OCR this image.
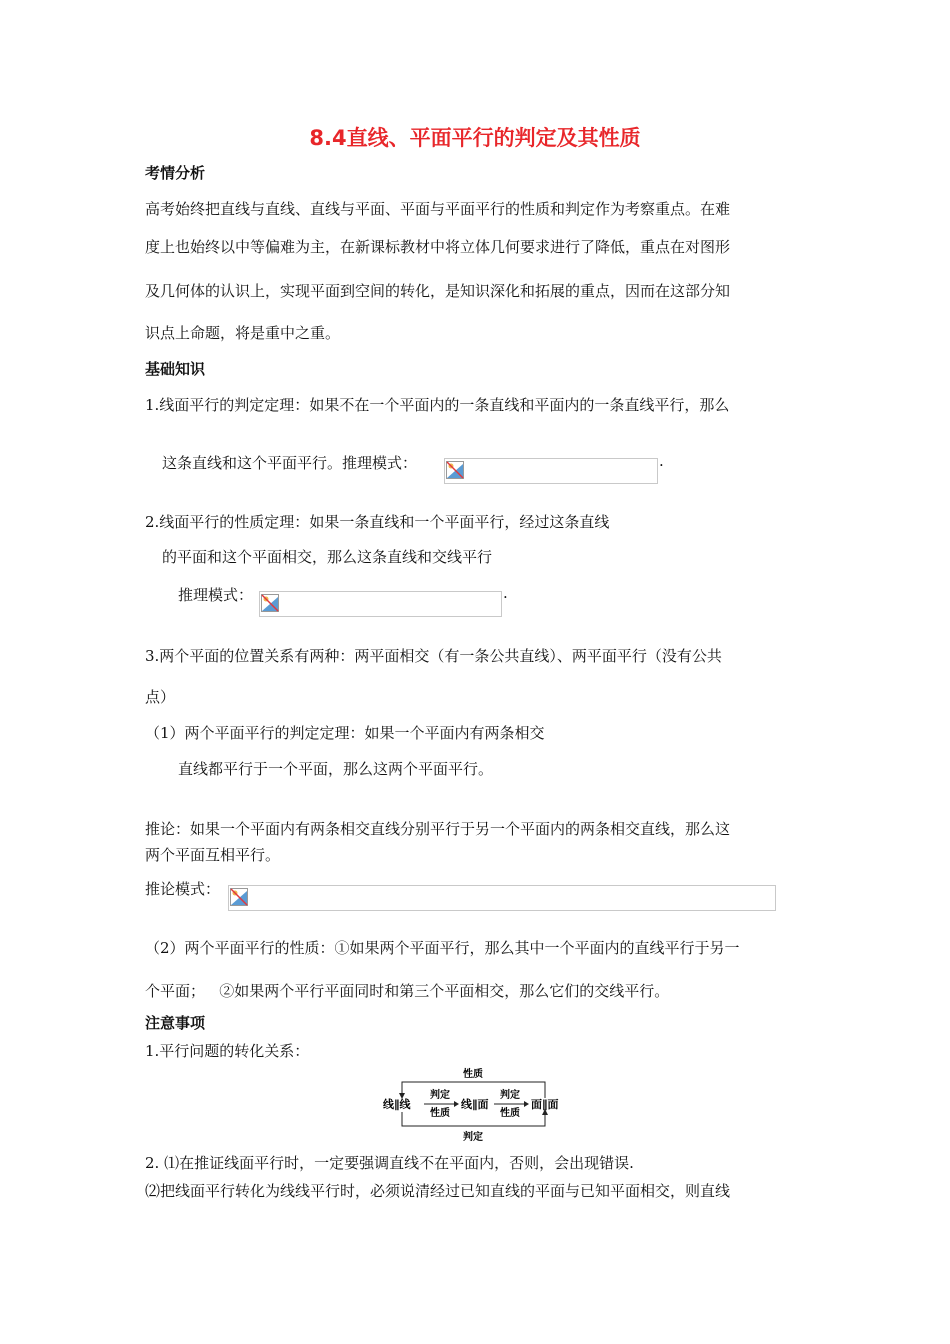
8.4直线、平面平行的判定及其性质
考情分析
高考始终把直线与直线、直线与平面、平面与平面平行的性质和判定作为考察重点。在难
度上也始终以中等偏难为主，在新课标教材中将立体几何要求进行了降低，重点在对图形
及几何体的认识上，实现平面到空间的转化，是知识深化和拓展的重点，因而在这部分知
识点上命题，将是重中之重。
基础知识
1.线面平行的判定定理：如果不在一个平面内的一条直线和平面内的一条直线平行，那么
这条直线和这个平面平行。推理模式：	.
2.线面平行的性质定理：如果一条直线和一个平面平行，经过这条直线
的平面和这个平面相交，那么这条直线和交线平行
推理模式：	.
3.两个平面的位置关系有两种：两平面相交（有一条公共直线）、两平面平行（没有公共
点）
（1）两个平面平行的判定定理：如果一个平面内有两条相交
直线都平行于一个平面，那么这两个平面平行。
推论：如果一个平面内有两条相交直线分别平行于另一个平面内的两条相交直线，那么这
两个平面互相平行。
推论模式：
（2）两个平面平行的性质：①如果两个平面平行，那么其中一个平面内的直线平行于另一
个平面；   ②如果两个平行平面同时和第三个平面相交，那么它们的交线平行。
注意事项
1.平行问题的转化关系：
性质
判定
线∥线
判定
性质
线∥面
判定
性质
面∥面
2. ⑴在推证线面平行时，一定要强调直线不在平面内，否则，会出现错误.
⑵把线面平行转化为线线平行时，必须说清经过已知直线的平面与已知平面相交，则直线
